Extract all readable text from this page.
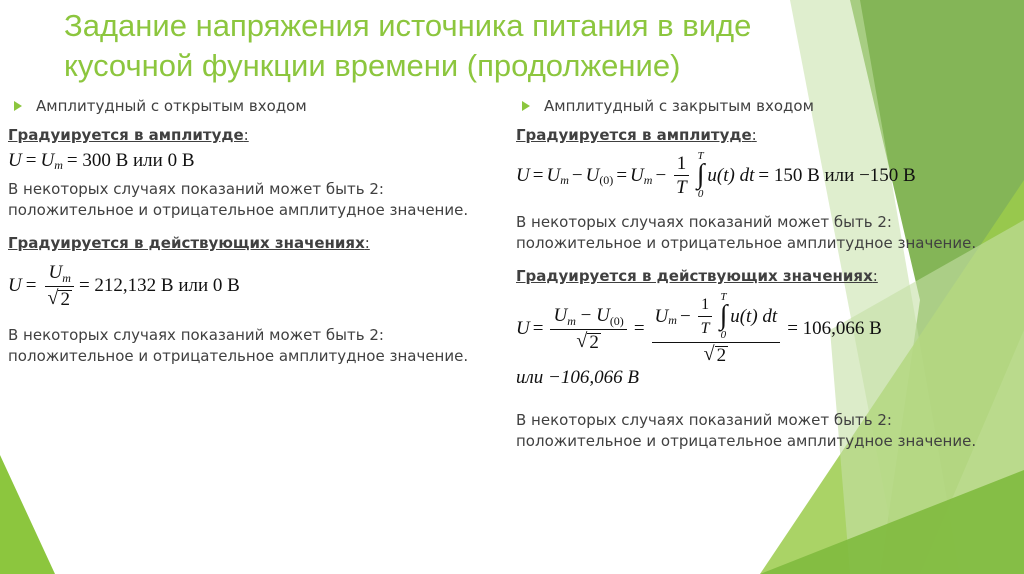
Задание напряжения источника питания в виде кусочной функции времени (продолжение)
Амплитудный с открытым входом
Градуируется в амплитуде:
U = U m = 300 В или 0 В
В некоторых случаях показаний может быть 2: положительное и отрицательное амплитудное значение.
Градуируется в действующих значениях:
$U = \frac{U_m}{√ 2} = 212,132$ В или 0 В
В некоторых случаях показаний может быть 2: положительное и отрицательное амплитудное значение.
Амплитудный с закрытым входом
Градуируется в амплитуде:
U = U m − U (0) = U $m - \frac{1}{T}$ T
∫
0
u(t) dt = 150 В или −150 В
В некоторых случаях показаний может быть 2: положительное и отрицательное амплитудное значение.
Градуируется в действующих значениях:
$U = \frac{U_m - U_{(0)}}{√ 2}$ =
U $m - \frac{1}{T}$ T
∫
0
u(t) dt
√ 2
= 106,066 В
или −106,066 В
В некоторых случаях показаний может быть 2: положительное и отрицательное амплитудное значение.
